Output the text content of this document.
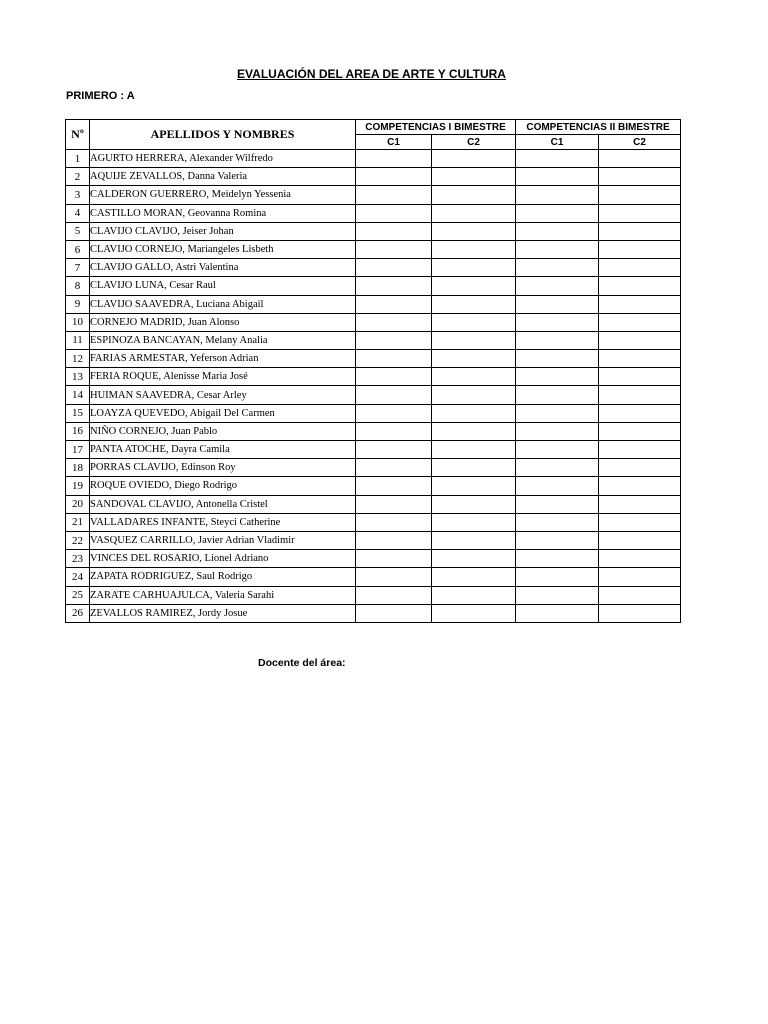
EVALUACIÓN DEL AREA DE ARTE Y CULTURA
PRIMERO : A
Nº	APELLIDOS Y NOMBRES	COMPETENCIAS I BIMESTRE		COMPETENCIAS II BIMESTRE	
		C1	C2	C1	C2
1	AGURTO HERRERA, Alexander Wilfredo				
2	AQUIJE ZEVALLOS, Danna Valeria				
3	CALDERON GUERRERO, Meidelyn Yessenia				
4	CASTILLO MORAN, Geovanna Romina				
5	CLAVIJO CLAVIJO, Jeiser Johan				
6	CLAVIJO CORNEJO, Mariangeles Lisbeth				
7	CLAVIJO GALLO, Astri Valentina				
8	CLAVIJO LUNA, Cesar Raul				
9	CLAVIJO SAAVEDRA, Luciana Abigail				
10	CORNEJO MADRID, Juan Alonso				
11	ESPINOZA BANCAYAN, Melany Analia				
12	FARIAS ARMESTAR, Yeferson Adrian				
13	FERIA ROQUE, Alenisse Maria José				
14	HUIMAN SAAVEDRA, Cesar Arley				
15	LOAYZA QUEVEDO, Abigail Del Carmen				
16	NIÑO CORNEJO, Juan Pablo				
17	PANTA ATOCHE, Dayra Camila				
18	PORRAS CLAVIJO, Edinson Roy				
19	ROQUE OVIEDO, Diego Rodrigo				
20	SANDOVAL CLAVIJO, Antonella Cristel				
21	VALLADARES INFANTE, Steyci Catherine				
22	VASQUEZ CARRILLO, Javier Adrian Vladimir				
23	VINCES DEL ROSARIO, Lionel Adriano				
24	ZAPATA RODRIGUEZ, Saul Rodrigo				
25	ZARATE CARHUAJULCA, Valeria Sarahi				
26	ZEVALLOS RAMIREZ, Jordy Josue				
Docente del área:
